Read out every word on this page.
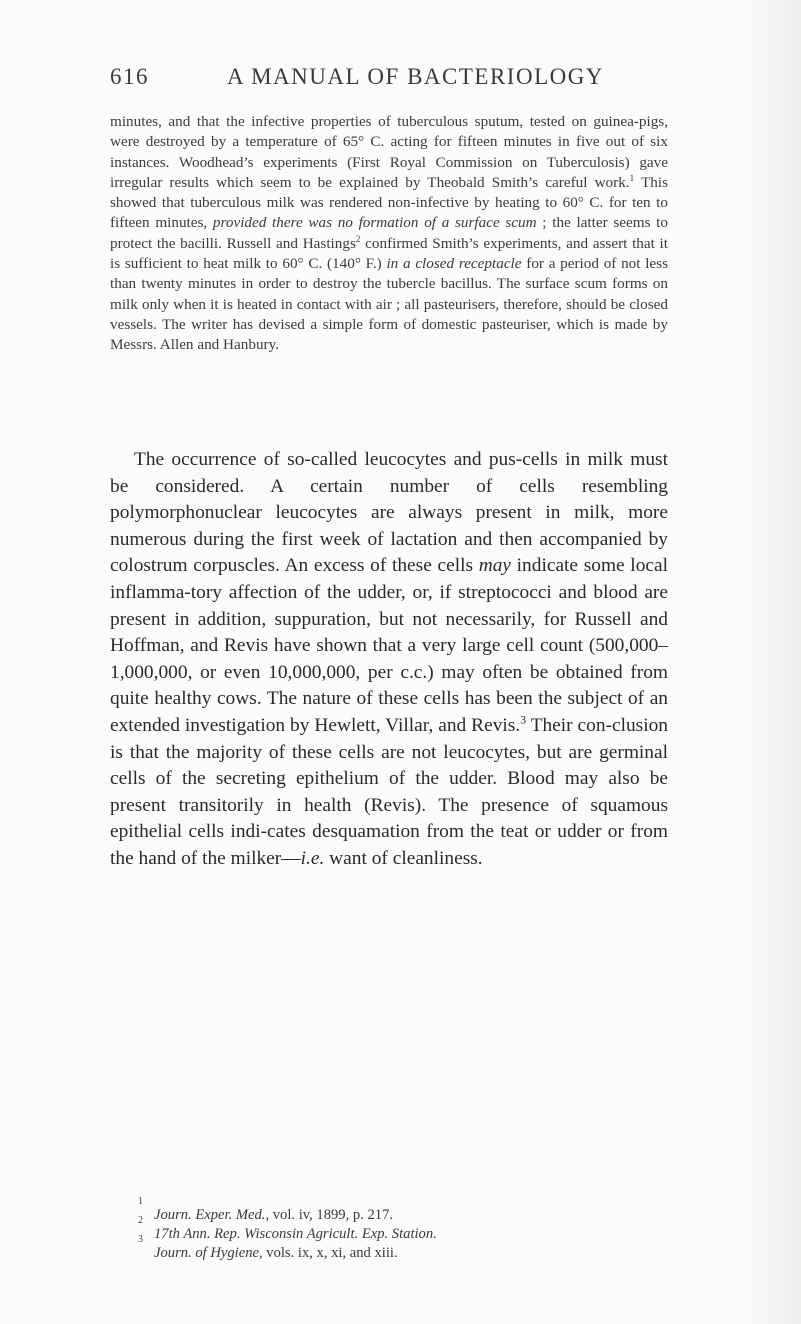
616	A MANUAL OF BACTERIOLOGY

minutes, and that the infective properties of tuberculous sputum, tested on guinea-pigs, were destroyed by a temperature of 65° C. acting for fifteen minutes in five out of six instances. Woodhead’s experiments (First Royal Commission on Tuberculosis) gave irregular results which seem to be explained by Theobald Smith’s careful work.$^1$ This showed that tuberculous milk was rendered non-infective by heating to 60° C. for ten to fifteen minutes, provided there was no formation of a surface scum ; the latter seems to protect the bacilli. Russell and Hastings$^2$ confirmed Smith’s experiments, and assert that it is sufficient to heat milk to 60° C. (140° F.) in a closed receptacle for a period of not less than twenty minutes in order to destroy the tubercle bacillus. The surface scum forms on milk only when it is heated in contact with air ; all pasteurisers, therefore, should be closed vessels. The writer has devised a simple form of domestic pasteuriser, which is made by Messrs. Allen and Hanbury.

The occurrence of so-called leucocytes and pus-cells in milk must be considered. A certain number of cells resembling polymorphonuclear leucocytes are always present in milk, more numerous during the first week of lactation and then accompanied by colostrum corpuscles. An excess of these cells may indicate some local inflamma-tory affection of the udder, or, if streptococci and blood are present in addition, suppuration, but not necessarily, for Russell and Hoffman, and Revis have shown that a very large cell count (500,000–1,000,000, or even 10,000,000, per c.c.) may often be obtained from quite healthy cows. The nature of these cells has been the subject of an extended investigation by Hewlett, Villar, and Revis.$^3$ Their con-clusion is that the majority of these cells are not leucocytes, but are germinal cells of the secreting epithelium of the udder. Blood may also be present transitorily in health (Revis). The presence of squamous epithelial cells indi-cates desquamation from the teat or udder or from the hand of the milker—i.e. want of cleanliness.

1
Journ. Exper. Med., vol. iv, 1899, p. 217.
2
17th Ann. Rep. Wisconsin Agricult. Exp. Station.
3
Journ. of Hygiene, vols. ix, x, xi, and xiii.
